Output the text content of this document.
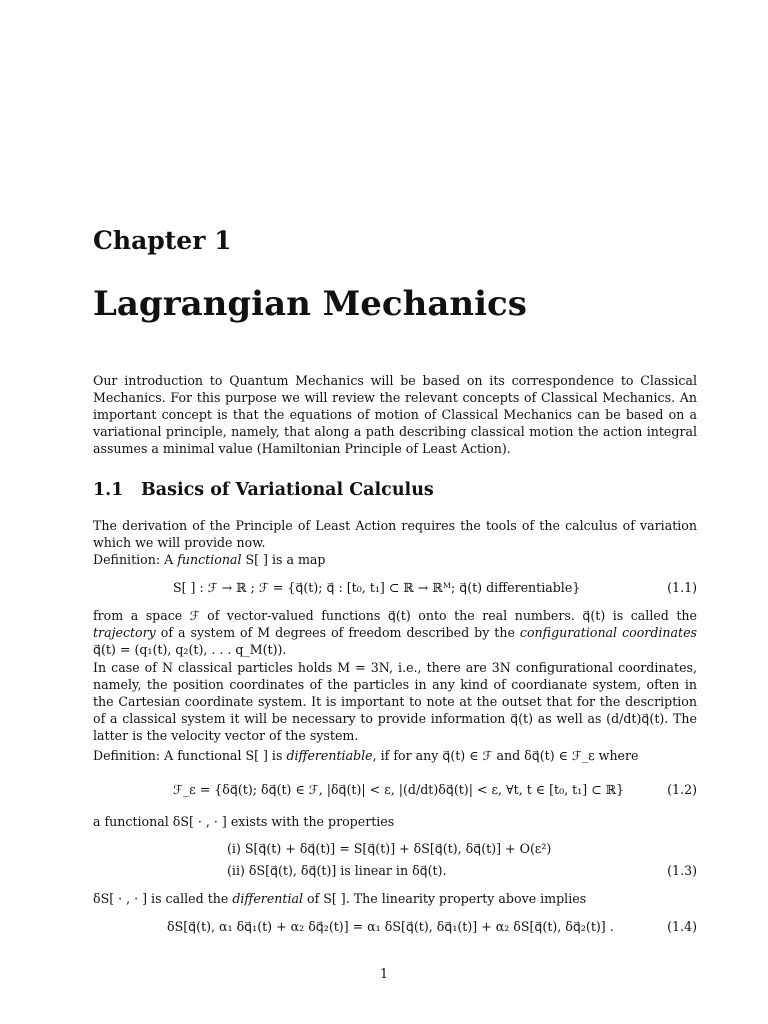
Chapter 1
Lagrangian Mechanics
Our introduction to Quantum Mechanics will be based on its correspondence to Classical Mechanics. For this purpose we will review the relevant concepts of Classical Mechanics. An important concept is that the equations of motion of Classical Mechanics can be based on a variational principle, namely, that along a path describing classical motion the action integral assumes a minimal value (Hamiltonian Principle of Least Action).
1.1 Basics of Variational Calculus
The derivation of the Principle of Least Action requires the tools of the calculus of variation which we will provide now.
Definition: A functional S[ ] is a map
S[ ] : ℱ → ℝ ; ℱ = {q⃗(t); q⃗ : [t₀, t₁] ⊂ ℝ → ℝᴹ; q⃗(t) differentiable}	(1.1)
from a space ℱ of vector-valued functions q⃗(t) onto the real numbers. q⃗(t) is called the trajectory of a system of M degrees of freedom described by the configurational coordinates q⃗(t) = (q₁(t), q₂(t), . . . q_M(t)).
In case of N classical particles holds M = 3N, i.e., there are 3N configurational coordinates, namely, the position coordinates of the particles in any kind of coordianate system, often in the Cartesian coordinate system. It is important to note at the outset that for the description of a classical system it will be necessary to provide information q⃗(t) as well as (d/dt)q⃗(t). The latter is the velocity vector of the system.
Definition: A functional S[ ] is differentiable, if for any q⃗(t) ∈ ℱ and δq⃗(t) ∈ ℱ_ε where
ℱ_ε = {δq⃗(t); δq⃗(t) ∈ ℱ, |δq⃗(t)| < ε, |(d/dt)δq⃗(t)| < ε, ∀t, t ∈ [t₀, t₁] ⊂ ℝ}	(1.2)
a functional δS[ · , · ] exists with the properties
(i) S[q⃗(t) + δq⃗(t)] = S[q⃗(t)] + δS[q⃗(t), δq⃗(t)] + O(ε²)
(ii) δS[q⃗(t), δq⃗(t)] is linear in δq⃗(t).	(1.3)
δS[ · , · ] is called the differential of S[ ]. The linearity property above implies
δS[q⃗(t), α₁ δq⃗₁(t) + α₂ δq⃗₂(t)] = α₁ δS[q⃗(t), δq⃗₁(t)] + α₂ δS[q⃗(t), δq⃗₂(t)] .	(1.4)
1
